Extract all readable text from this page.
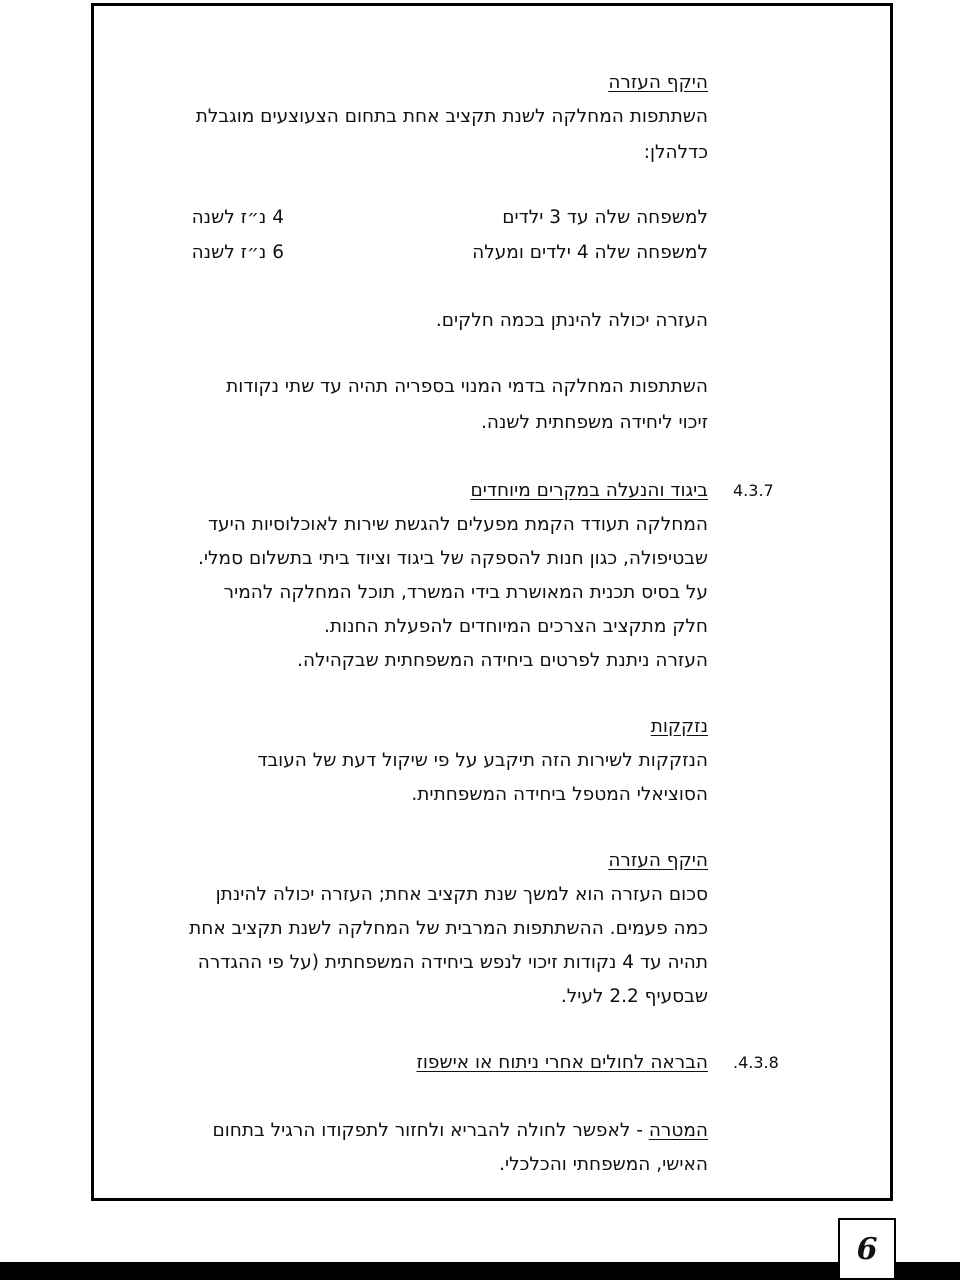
היקף העזרה
השתתפות המחלקה לשנת תקציב אחת בתחום הצעוצעים מוגבלת
כדלהלן:
למשפחה שלה עד 3 ילדים
4 נ״ז לשנה
למשפחה שלה 4 ילדים ומעלה
6 נ״ז לשנה
העזרה יכולה להינתן בכמה חלקים.
השתתפות המחלקה בדמי המנוי בספריה תהיה עד שתי נקודות
זיכוי ליחידה משפחתית לשנה.
4.3.7
ביגוד והנעלה במקרים מיוחדים
המחלקה תעודד הקמת מפעלים להגשת שירות לאוכלוסיות היעד
שבטיפולה, כגון חנות להספקה של ביגוד וציוד ביתי בתשלום סמלי.
על בסיס תכנית המאושרת בידי המשרד, תוכל המחלקה להמיר
חלק מתקציב הצרכים המיוחדים להפעלת החנות.
העזרה ניתנת לפרטים ביחידה המשפחתית שבקהילה.
נזקקות
הנזקקות לשירות הזה תיקבע על פי שיקול דעת של העובד
הסוציאלי המטפל ביחידה המשפחתית.
היקף העזרה
סכום העזרה הוא למשך שנת תקציב אחת; העזרה יכולה להינתן
כמה פעמים. ההשתתפות המרבית של המחלקה לשנת תקציב אחת
תהיה עד 4 נקודות זיכוי לנפש ביחידה המשפחתית (על פי ההגדרה
שבסעיף 2.2 לעיל.
.4.3.8
הבראה לחולים אחרי ניתוח או אישפוז
המטרה - לאפשר לחולה להבריא ולחזור לתפקודו הרגיל בתחום
האישי, המשפחתי והכלכלי.
6
